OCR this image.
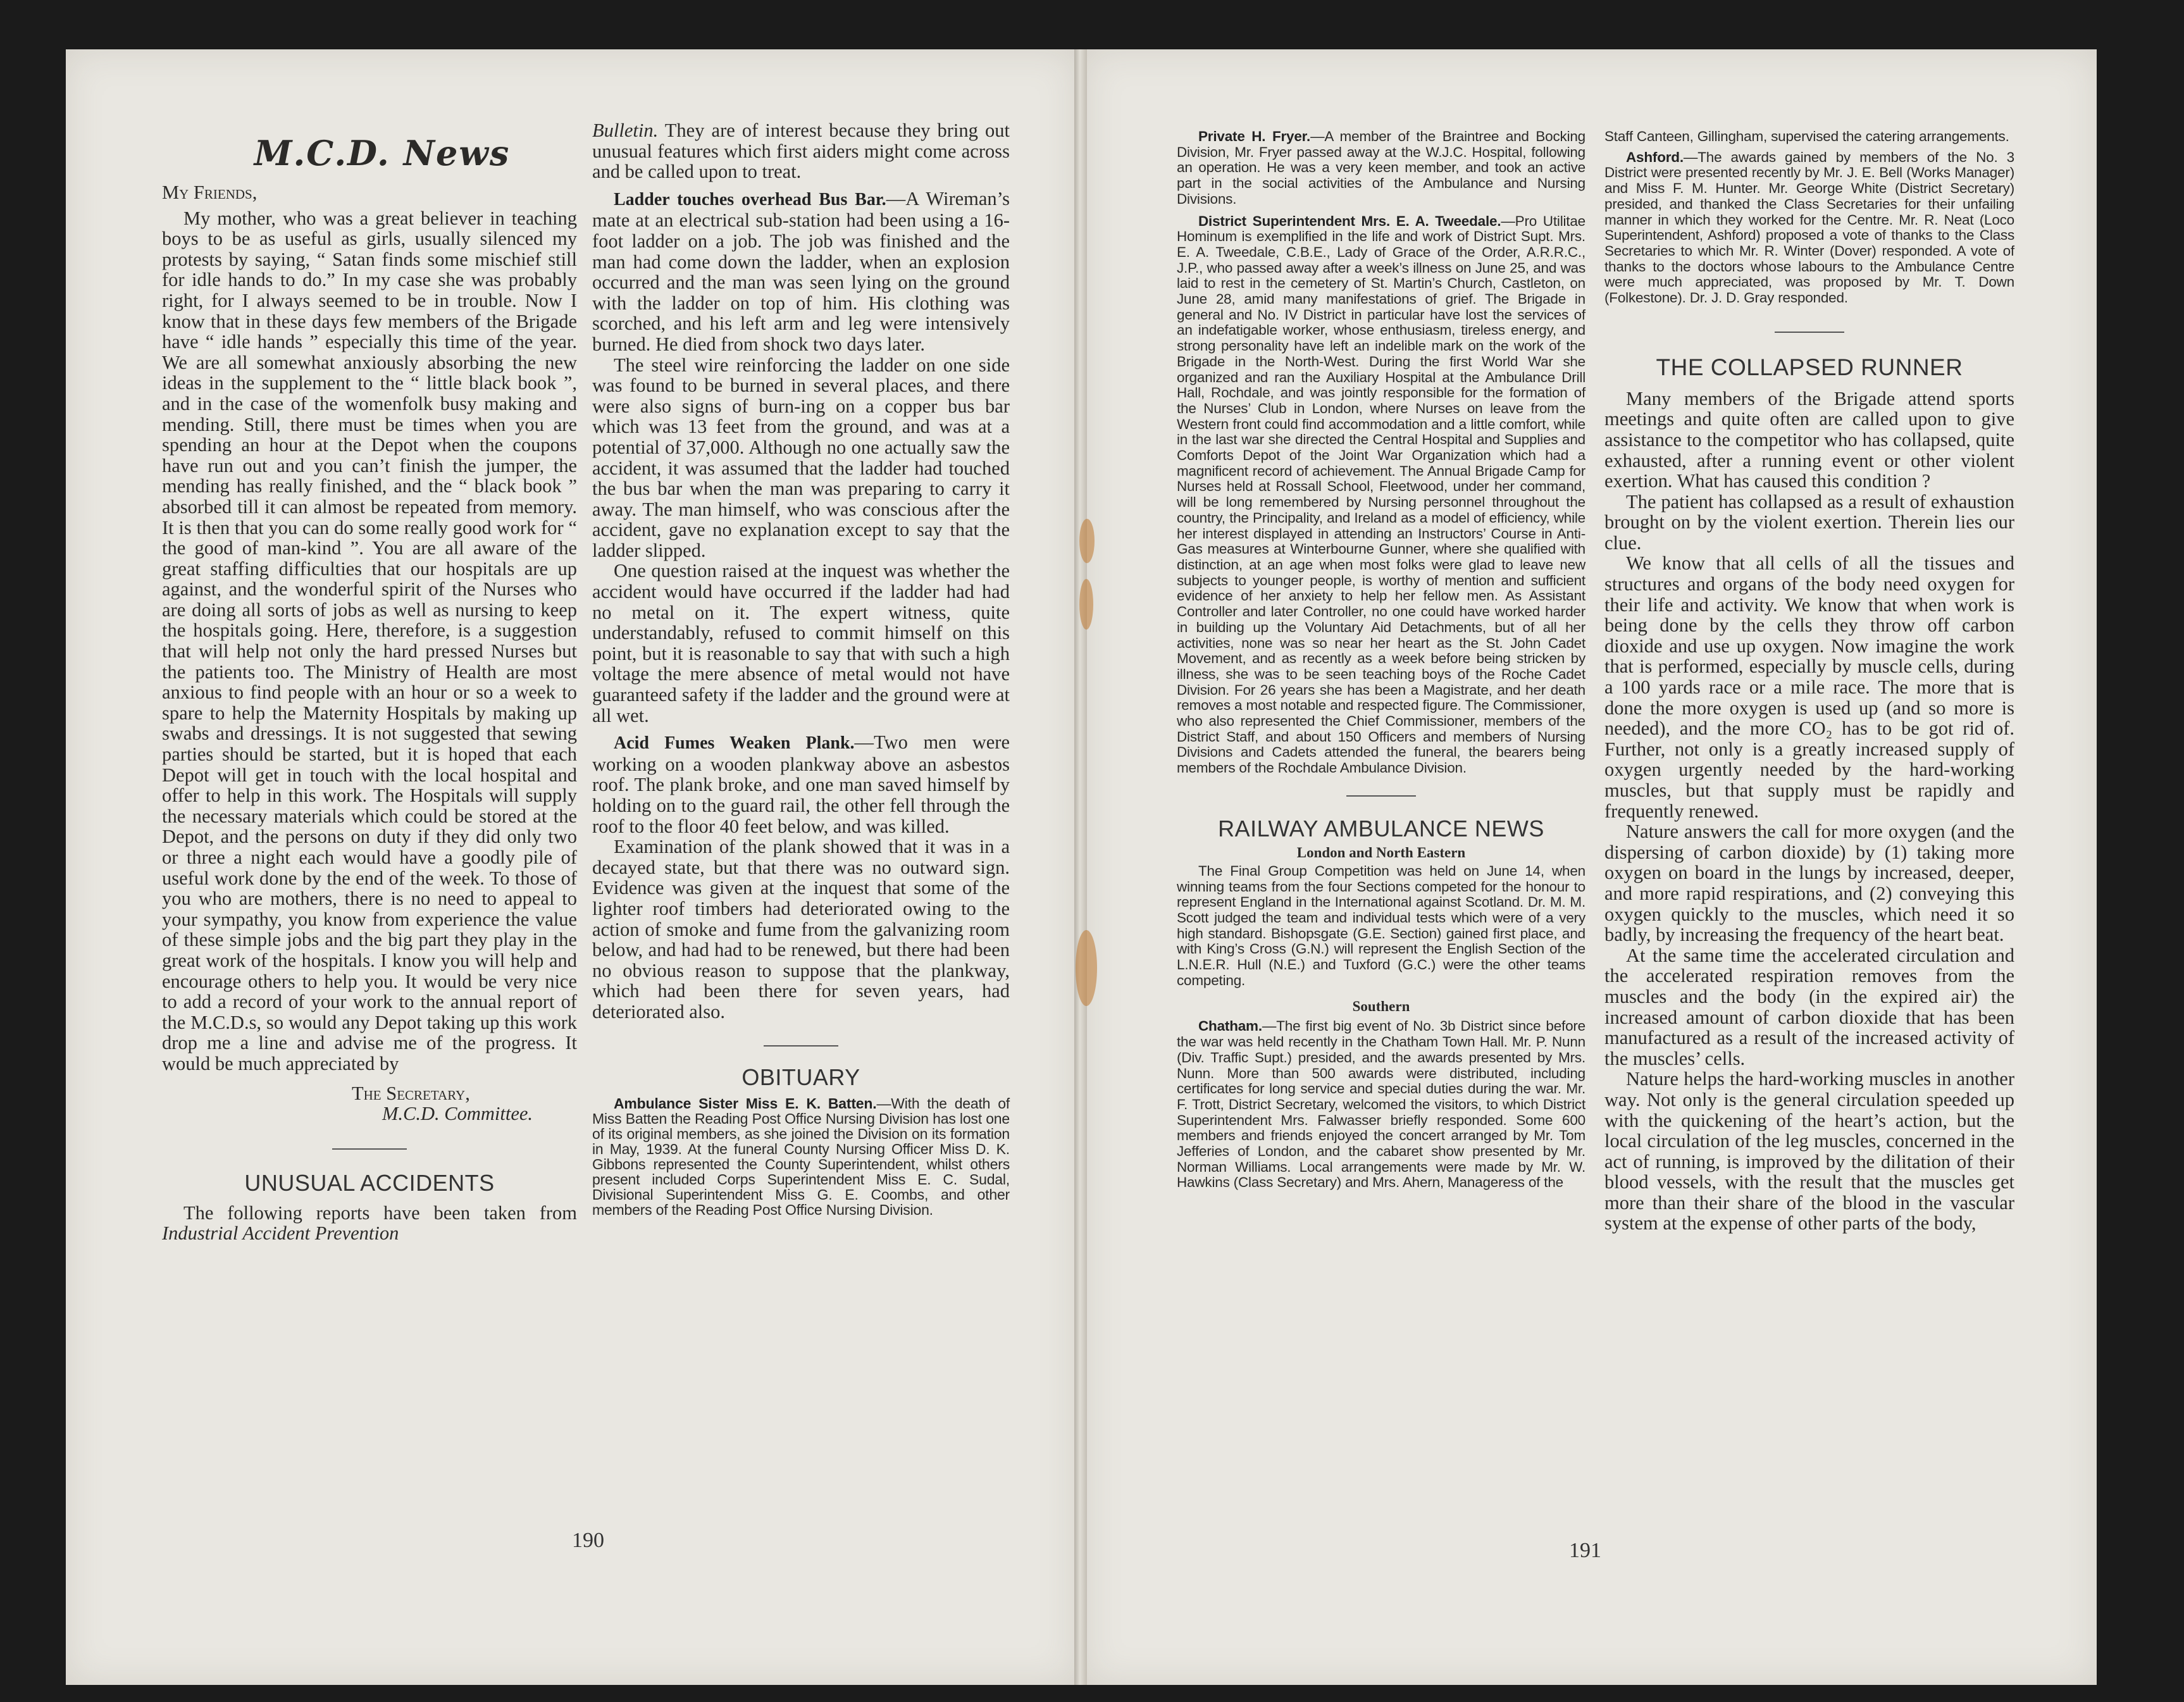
M.C.D. News
My Friends,

My mother, who was a great believer in teaching boys to be as useful as girls, usually silenced my protests by saying, “ Satan finds some mischief still for idle hands to do.” In my case she was probably right, for I always seemed to be in trouble. Now I know that in these days few members of the Brigade have “ idle hands ” especially this time of the year. We are all somewhat anxiously absorbing the new ideas in the supplement to the “ little black book ”, and in the case of the womenfolk busy making and mending. Still, there must be times when you are spending an hour at the Depot when the coupons have run out and you can’t finish the jumper, the mending has really finished, and the “ black book ” absorbed till it can almost be repeated from memory. It is then that you can do some really good work for “ the good of man-kind ”. You are all aware of the great staffing difficulties that our hospitals are up against, and the wonderful spirit of the Nurses who are doing all sorts of jobs as well as nursing to keep the hospitals going. Here, therefore, is a suggestion that will help not only the hard pressed Nurses but the patients too. The Ministry of Health are most anxious to find people with an hour or so a week to spare to help the Maternity Hospitals by making up swabs and dressings. It is not suggested that sewing parties should be started, but it is hoped that each Depot will get in touch with the local hospital and offer to help in this work. The Hospitals will supply the necessary materials which could be stored at the Depot, and the persons on duty if they did only two or three a night each would have a goodly pile of useful work done by the end of the week. To those of you who are mothers, there is no need to appeal to your sympathy, you know from experience the value of these simple jobs and the big part they play in the great work of the hospitals. I know you will help and encourage others to help you. It would be very nice to add a record of your work to the annual report of the M.C.D.s, so would any Depot taking up this work drop me a line and advise me of the progress. It would be much appreciated by

The Secretary,
M.C.D. Committee.
UNUSUAL ACCIDENTS

The following reports have been taken from Industrial Accident Prevention

Bulletin. They are of interest because they bring out unusual features which first aiders might come across and be called upon to treat.

Ladder touches overhead Bus Bar.—A Wireman’s mate at an electrical sub-station had been using a 16-foot ladder on a job. The job was finished and the man had come down the ladder, when an explosion occurred and the man was seen lying on the ground with the ladder on top of him. His clothing was scorched, and his left arm and leg were intensively burned. He died from shock two days later.

The steel wire reinforcing the ladder on one side was found to be burned in several places, and there were also signs of burn-ing on a copper bus bar which was 13 feet from the ground, and was at a potential of 37,000. Although no one actually saw the accident, it was assumed that the ladder had touched the bus bar when the man was preparing to carry it away. The man himself, who was conscious after the accident, gave no explanation except to say that the ladder slipped.

One question raised at the inquest was whether the accident would have occurred if the ladder had had no metal on it. The expert witness, quite understandably, refused to commit himself on this point, but it is reasonable to say that with such a high voltage the mere absence of metal would not have guaranteed safety if the ladder and the ground were at all wet.

Acid Fumes Weaken Plank.—Two men were working on a wooden plankway above an asbestos roof. The plank broke, and one man saved himself by holding on to the guard rail, the other fell through the roof to the floor 40 feet below, and was killed.

Examination of the plank showed that it was in a decayed state, but that there was no outward sign. Evidence was given at the inquest that some of the lighter roof timbers had deteriorated owing to the action of smoke and fume from the galvanizing room below, and had had to be renewed, but there had been no obvious reason to suppose that the plankway, which had been there for seven years, had deteriorated also.

OBITUARY

Ambulance Sister Miss E. K. Batten.—With the death of Miss Batten the Reading Post Office Nursing Division has lost one of its original members, as she joined the Division on its formation in May, 1939. At the funeral County Nursing Officer Miss D. K. Gibbons represented the County Superintendent, whilst others present included Corps Superintendent Miss E. C. Sudal, Divisional Superintendent Miss G. E. Coombs, and other members of the Reading Post Office Nursing Division.

190

Private H. Fryer.—A member of the Braintree and Bocking Division, Mr. Fryer passed away at the W.J.C. Hospital, following an operation. He was a very keen member, and took an active part in the social activities of the Ambulance and Nursing Divisions.

District Superintendent Mrs. E. A. Tweedale.—Pro Utilitae Hominum is exemplified in the life and work of District Supt. Mrs. E. A. Tweedale, C.B.E., Lady of Grace of the Order, A.R.R.C., J.P., who passed away after a week’s illness on June 25, and was laid to rest in the cemetery of St. Martin’s Church, Castleton, on June 28, amid many manifestations of grief. The Brigade in general and No. IV District in particular have lost the services of an indefatigable worker, whose enthusiasm, tireless energy, and strong personality have left an indelible mark on the work of the Brigade in the North-West. During the first World War she organized and ran the Auxiliary Hospital at the Ambulance Drill Hall, Rochdale, and was jointly responsible for the formation of the Nurses’ Club in London, where Nurses on leave from the Western front could find accommodation and a little comfort, while in the last war she directed the Central Hospital and Supplies and Comforts Depot of the Joint War Organization which had a magnificent record of achievement. The Annual Brigade Camp for Nurses held at Rossall School, Fleetwood, under her command, will be long remembered by Nursing personnel throughout the country, the Principality, and Ireland as a model of efficiency, while her interest displayed in attending an Instructors’ Course in Anti-Gas measures at Winterbourne Gunner, where she qualified with distinction, at an age when most folks were glad to leave new subjects to younger people, is worthy of mention and sufficient evidence of her anxiety to help her fellow men. As Assistant Controller and later Controller, no one could have worked harder in building up the Voluntary Aid Detachments, but of all her activities, none was so near her heart as the St. John Cadet Movement, and as recently as a week before being stricken by illness, she was to be seen teaching boys of the Roche Cadet Division. For 26 years she has been a Magistrate, and her death removes a most notable and respected figure. The Commissioner, who also represented the Chief Commissioner, members of the District Staff, and about 150 Officers and members of Nursing Divisions and Cadets attended the funeral, the bearers being members of the Rochdale Ambulance Division.

RAILWAY AMBULANCE NEWS
London and North Eastern

The Final Group Competition was held on June 14, when winning teams from the four Sections competed for the honour to represent England in the International against Scotland. Dr. M. M. Scott judged the team and individual tests which were of a very high standard. Bishopsgate (G.E. Section) gained first place, and with King’s Cross (G.N.) will represent the English Section of the L.N.E.R. Hull (N.E.) and Tuxford (G.C.) were the other teams competing.

Southern

Chatham.—The first big event of No. 3b District since before the war was held recently in the Chatham Town Hall. Mr. P. Nunn (Div. Traffic Supt.) presided, and the awards presented by Mrs. Nunn. More than 500 awards were distributed, including certificates for long service and special duties during the war. Mr. F. Trott, District Secretary, welcomed the visitors, to which District Superintendent Mrs. Falwasser briefly responded. Some 600 members and friends enjoyed the concert arranged by Mr. Tom Jefferies of London, and the cabaret show presented by Mr. Norman Williams. Local arrangements were made by Mr. W. Hawkins (Class Secretary) and Mrs. Ahern, Manageress of the

Staff Canteen, Gillingham, supervised the catering arrangements.

Ashford.—The awards gained by members of the No. 3 District were presented recently by Mr. J. E. Bell (Works Manager) and Miss F. M. Hunter. Mr. George White (District Secretary) presided, and thanked the Class Secretaries for their unfailing manner in which they worked for the Centre. Mr. R. Neat (Loco Superintendent, Ashford) proposed a vote of thanks to the Class Secretaries to which Mr. R. Winter (Dover) responded. A vote of thanks to the doctors whose labours to the Ambulance Centre were much appreciated, was proposed by Mr. T. Down (Folkestone). Dr. J. D. Gray responded.

THE COLLAPSED RUNNER

Many members of the Brigade attend sports meetings and quite often are called upon to give assistance to the competitor who has collapsed, quite exhausted, after a running event or other violent exertion. What has caused this condition ?

The patient has collapsed as a result of exhaustion brought on by the violent exertion. Therein lies our clue.

We know that all cells of all the tissues and structures and organs of the body need oxygen for their life and activity. We know that when work is being done by the cells they throw off carbon dioxide and use up oxygen. Now imagine the work that is performed, especially by muscle cells, during a 100 yards race or a mile race. The more that is done the more oxygen is used up (and so more is needed), and the more CO₂ has to be got rid of. Further, not only is a greatly increased supply of oxygen urgently needed by the hard-working muscles, but that supply must be rapidly and frequently renewed.

Nature answers the call for more oxygen (and the dispersing of carbon dioxide) by (1) taking more oxygen on board in the lungs by increased, deeper, and more rapid respirations, and (2) conveying this oxygen quickly to the muscles, which need it so badly, by increasing the frequency of the heart beat.

At the same time the accelerated circulation and the accelerated respiration removes from the muscles and the body (in the expired air) the increased amount of carbon dioxide that has been manufactured as a result of the increased activity of the muscles’ cells.

Nature helps the hard-working muscles in another way. Not only is the general circulation speeded up with the quickening of the heart’s action, but the local circulation of the leg muscles, concerned in the act of running, is improved by the dilitation of their blood vessels, with the result that the muscles get more than their share of the blood in the vascular system at the expense of other parts of the body,

191
